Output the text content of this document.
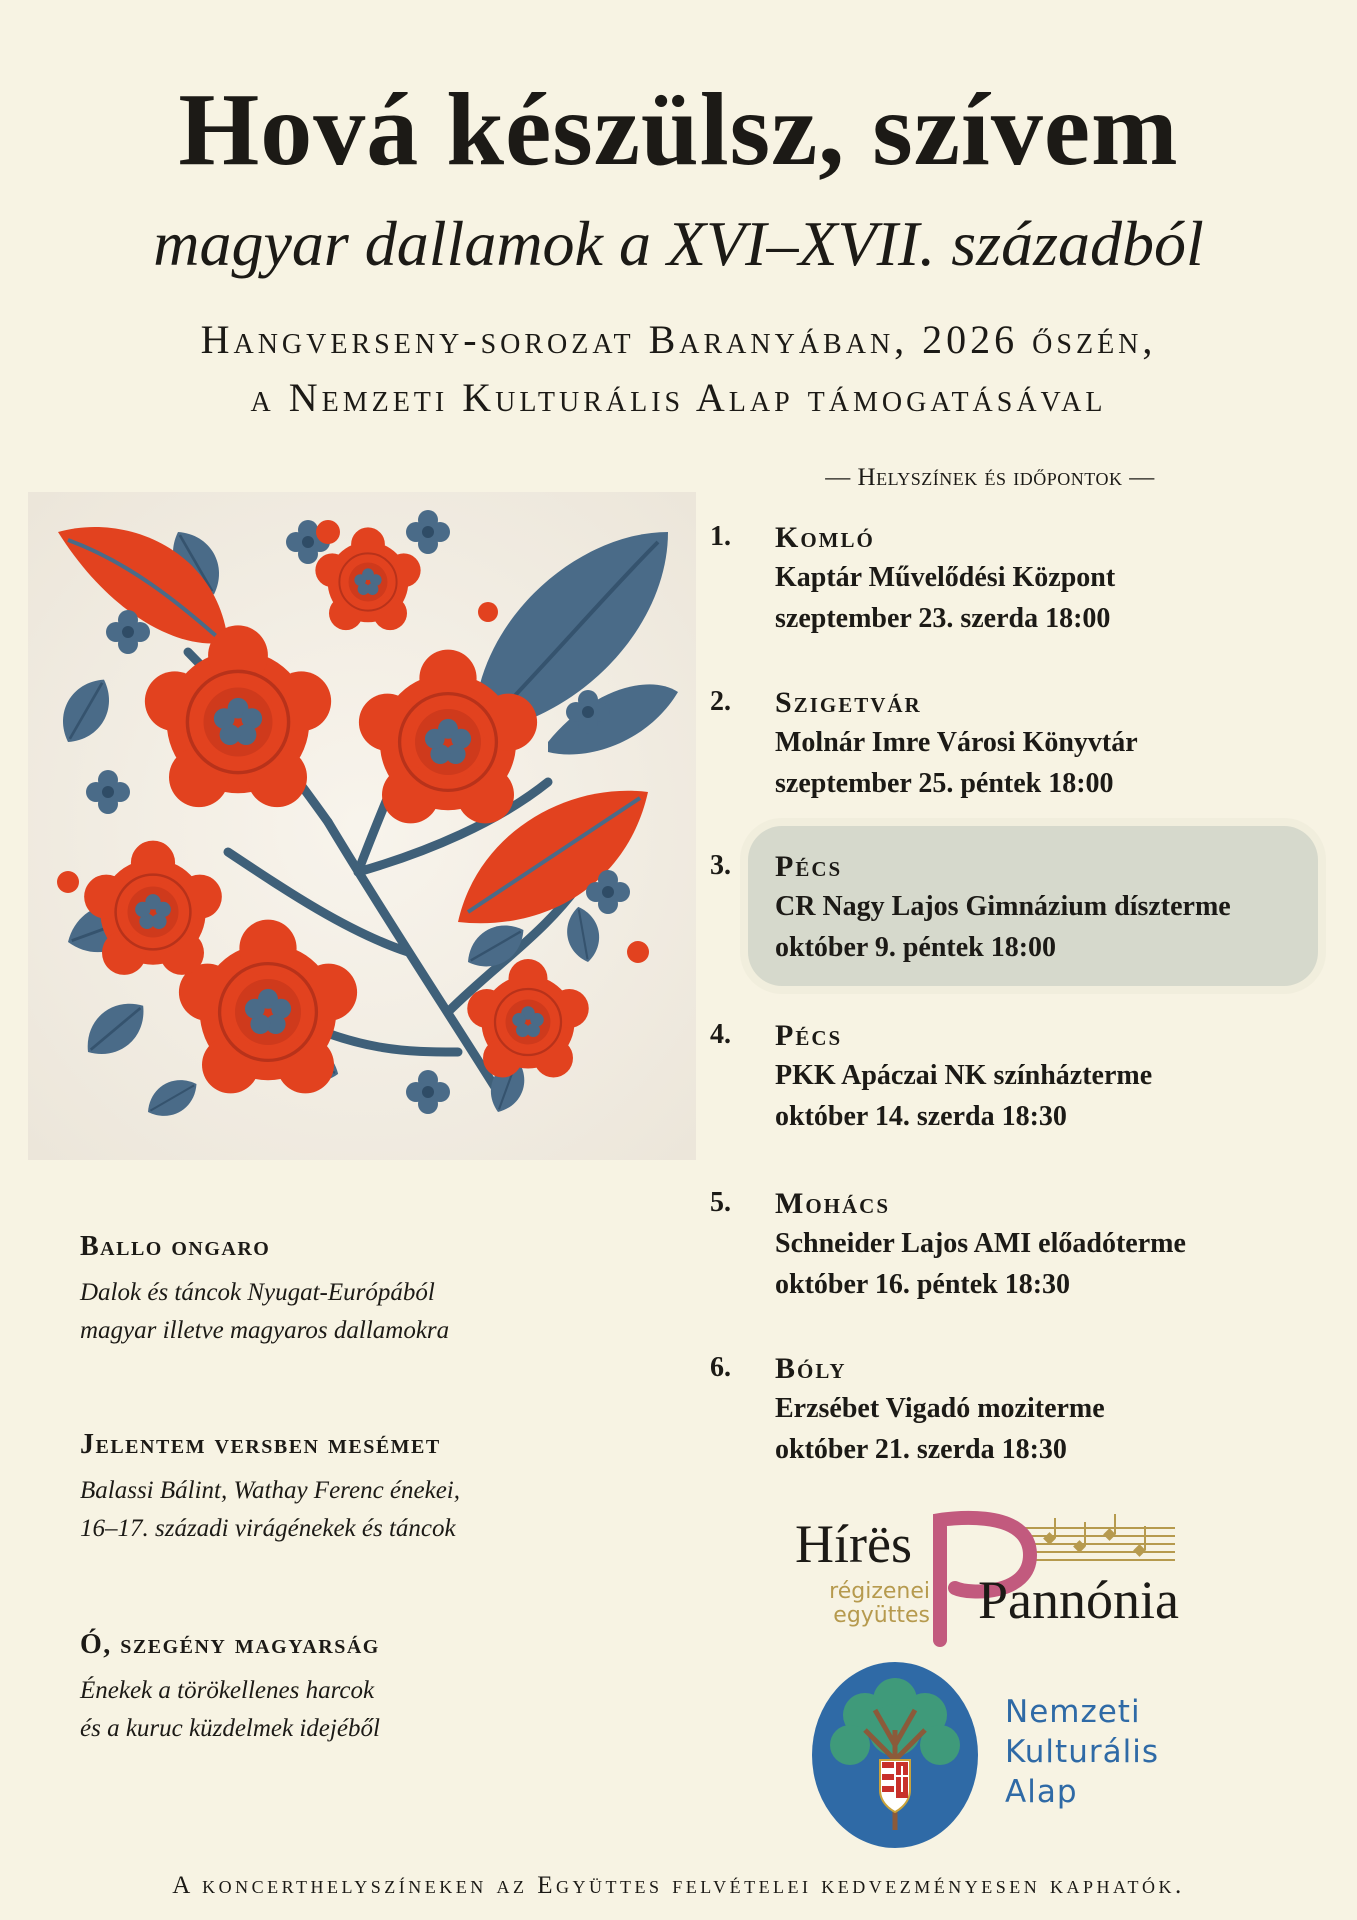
Hová készülsz, szívem
magyar dallamok a XVI–XVII. századból
Hangverseny-sorozat Baranyában, 2026 őszén,
a Nemzeti Kulturális Alap támogatásával
— Helyszínek és időpontok —
1. Komló
Kaptár Művelődési Központ
szeptember 23. szerda 18:00
2. Szigetvár
Molnár Imre Városi Könyvtár
szeptember 25. péntek 18:00
3. Pécs
CR Nagy Lajos Gimnázium díszterme
október 9. péntek 18:00
4. Pécs
PKK Apáczai NK színházterme
október 14. szerda 18:30
5. Mohács
Schneider Lajos AMI előadóterme
október 16. péntek 18:30
6. Bóly
Erzsébet Vigadó moziterme
október 21. szerda 18:30
Ballo ongaro
Dalok és táncok Nyugat-Európából
magyar illetve magyaros dallamokra
Jelentem versben mesémet
Balassi Bálint, Wathay Ferenc énekei,
16–17. századi virágénekek és táncok
Ó, szegény magyarság
Énekek a törökellenes harcok
és a kuruc küzdelmek idejéből
Hírës
Pannónia
régizenei
együttes
Nemzeti
Kulturális
Alap
A koncerthelyszíneken az Együttes felvételei kedvezményesen kaphatók.
